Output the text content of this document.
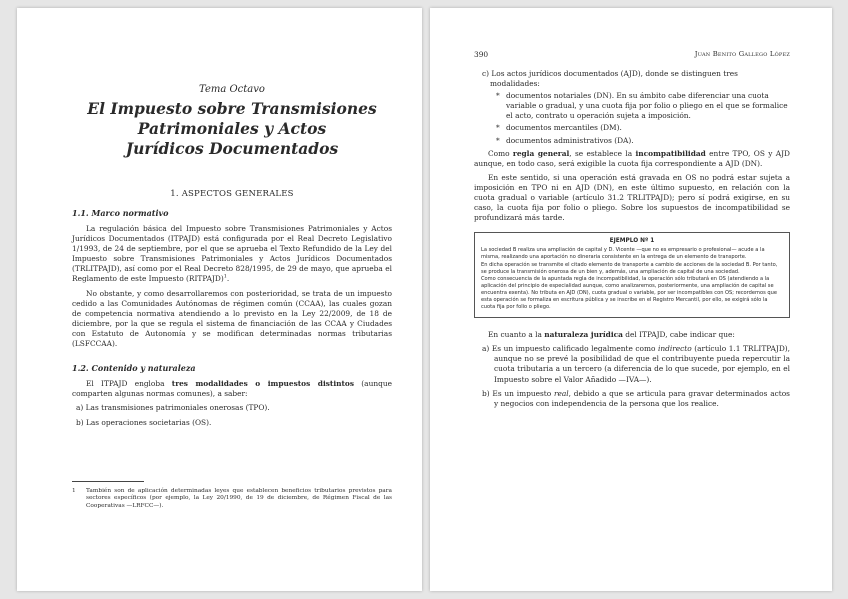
Tema Octavo
El Impuesto sobre Transmisiones
Patrimoniales y Actos
Jurídicos Documentados
1. ASPECTOS GENERALES
1.1. Marco normativo

La regulación básica del Impuesto sobre Transmisiones Patrimoniales y Actos Jurídicos Documentados (ITPAJD) está configurada por el Real Decreto Legislativo 1/1993, de 24 de septiembre, por el que se aprueba el Texto Refundido de la Ley del Impuesto sobre Transmisiones Patrimoniales y Actos Jurídicos Documentados (TRLITPAJD), así como por el Real Decreto 828/1995, de 29 de mayo, que aprueba el Reglamento de este Impuesto (RITPAJD)$^1$.

No obstante, y como desarrollaremos con posterioridad, se trata de un impuesto cedido a las Comunidades Autónomas de régimen común (CCAA), las cuales gozan de competencia normativa atendiendo a lo previsto en la Ley 22/2009, de 18 de diciembre, por la que se regula el sistema de financiación de las CCAA y Ciudades con Estatuto de Autonomía y se modifican determinadas normas tributarias (LSFCCAA).

1.2. Contenido y naturaleza

El ITPAJD engloba tres modalidades o impuestos distintos (aunque comparten algunas normas comunes), a saber:

a) Las transmisiones patrimoniales onerosas (TPO).
b) Las operaciones societarias (OS).
1 También son de aplicación determinadas leyes que establecen beneficios tributarios previstos para sectores específicos (por ejemplo, la Ley 20/1990, de 19 de diciembre, de Régimen Fiscal de las Cooperativas —LRFCC—).
390	Juan Benito Gallego López
c) Los actos jurídicos documentados (AJD), donde se distinguen tres modalidades:
* documentos notariales (DN). En su ámbito cabe diferenciar una cuota variable o gradual, y una cuota fija por folio o pliego en el que se formalice el acto, contrato u operación sujeta a imposición.
* documentos mercantiles (DM).
* documentos administrativos (DA).

Como regla general, se establece la incompatibilidad entre TPO, OS y AJD aunque, en todo caso, será exigible la cuota fija correspondiente a AJD (DN).

En este sentido, si una operación está gravada en OS no podrá estar sujeta a imposición en TPO ni en AJD (DN), en este último supuesto, en relación con la cuota gradual o variable (artículo 31.2 TRLITPAJD); pero sí podrá exigirse, en su caso, la cuota fija por folio o pliego. Sobre los supuestos de incompatibilidad se profundizará más tarde.

EJEMPLO Nº 1

La sociedad B realiza una ampliación de capital y D. Vicente —que no es empresario o profesional— acude a la misma, realizando una aportación no dineraria consistente en la entrega de un elemento de transporte.

En dicha operación se transmite el citado elemento de transporte a cambio de acciones de la sociedad B. Por tanto, se produce la transmisión onerosa de un bien y, además, una ampliación de capital de una sociedad.

Como consecuencia de la apuntada regla de incompatibilidad, la operación sólo tributará en OS (atendiendo a la aplicación del principio de especialidad aunque, como analizaremos, posteriormente, una ampliación de capital se encuentra exenta). No tributa en AJD (DN), cuota gradual o variable, por ser incompatibles con OS; recordemos que esta operación se formaliza en escritura pública y se inscribe en el Registro Mercantil, por ello, se exigirá sólo la cuota fija por folio o pliego.

En cuanto a la naturaleza jurídica del ITPAJD, cabe indicar que:

a) Es un impuesto calificado legalmente como indirecto (artículo 1.1 TRLITPAJD), aunque no se prevé la posibilidad de que el contribuyente pueda repercutir la cuota tributaria a un tercero (a diferencia de lo que sucede, por ejemplo, en el Impuesto sobre el Valor Añadido —IVA—).
b) Es un impuesto real, debido a que se articula para gravar determinados actos y negocios con independencia de la persona que los realice.
